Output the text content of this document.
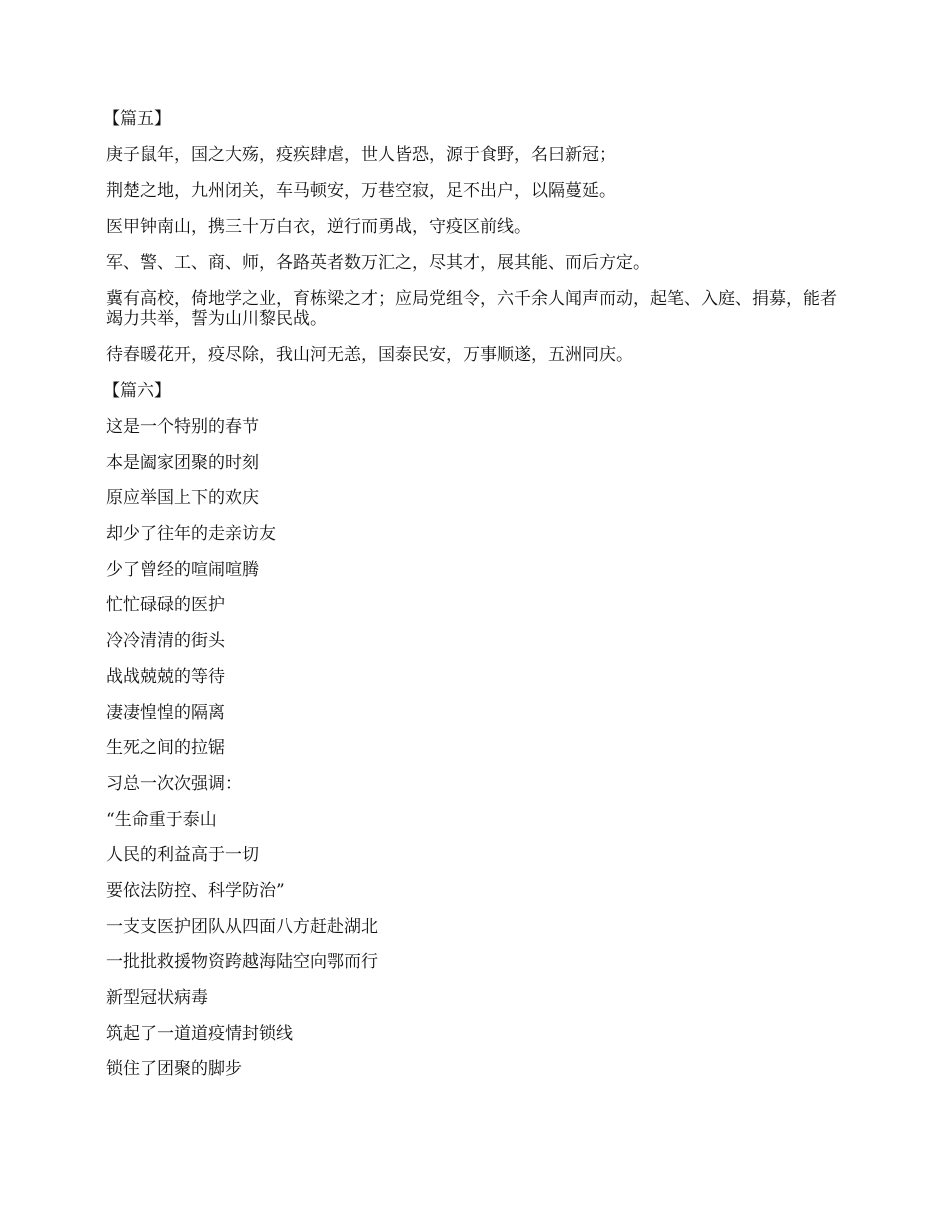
【篇五】

庚子鼠年，国之大殇，疫疾肆虐，世人皆恐，源于食野，名曰新冠；

荆楚之地，九州闭关，车马顿安，万巷空寂，足不出户，以隔蔓延。

医甲钟南山，携三十万白衣，逆行而勇战，守疫区前线。

军、警、工、商、师，各路英者数万汇之，尽其才，展其能、而后方定。

冀有高校，倚地学之业，育栋梁之才；应局党组令，六千余人闻声而动，起笔、入庭、捐募，能者竭力共举，誓为山川黎民战。

待春暖花开，疫尽除，我山河无恙，国泰民安，万事顺遂，五洲同庆。

【篇六】

这是一个特别的春节

本是阖家团聚的时刻

原应举国上下的欢庆

却少了往年的走亲访友

少了曾经的喧闹喧腾

忙忙碌碌的医护

冷冷清清的街头

战战兢兢的等待

凄凄惶惶的隔离

生死之间的拉锯

习总一次次强调：

“生命重于泰山

人民的利益高于一切

要依法防控、科学防治”

一支支医护团队从四面八方赶赴湖北

一批批救援物资跨越海陆空向鄂而行

新型冠状病毒

筑起了一道道疫情封锁线

锁住了团聚的脚步
